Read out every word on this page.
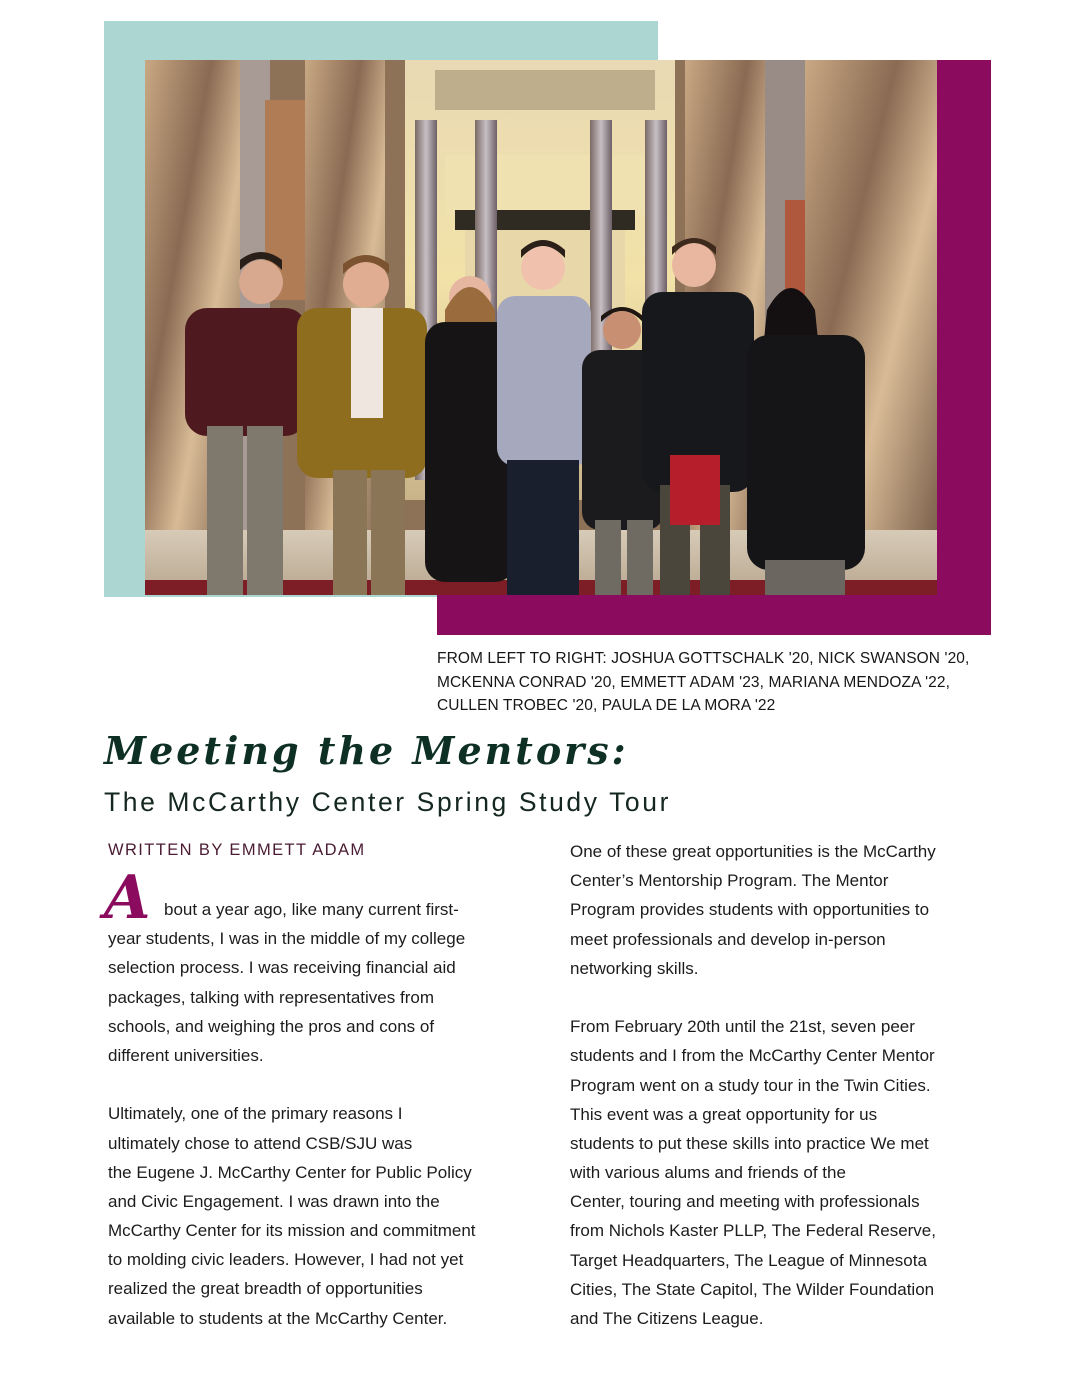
FROM LEFT TO RIGHT: JOSHUA GOTTSCHALK '20, NICK SWANSON '20,
MCKENNA CONRAD '20, EMMETT ADAM '23, MARIANA MENDOZA '22,
CULLEN TROBEC '20, PAULA DE LA MORA '22
Meeting the Mentors:
The McCarthy Center Spring Study Tour
WRITTEN BY EMMETT ADAM
A bout a year ago, like many current first-
year students, I was in the middle of my college
selection process. I was receiving financial aid
packages, talking with representatives from
schools, and weighing the pros and cons of
different universities.
Ultimately, one of the primary reasons I
ultimately chose to attend CSB/SJU was
the Eugene J. McCarthy Center for Public Policy
and Civic Engagement. I was drawn into the
McCarthy Center for its mission and commitment
to molding civic leaders. However, I had not yet
realized the great breadth of opportunities
available to students at the McCarthy Center.
One of these great opportunities is the McCarthy
Center’s Mentorship Program. The Mentor
Program provides students with opportunities to
meet professionals and develop in-person
networking skills.
From February 20th until the 21st, seven peer
students and I from the McCarthy Center Mentor
Program went on a study tour in the Twin Cities.
This event was a great opportunity for us
students to put these skills into practice We met
with various alums and friends of the
Center, touring and meeting with professionals
from Nichols Kaster PLLP, The Federal Reserve,
Target Headquarters, The League of Minnesota
Cities, The State Capitol, The Wilder Foundation
and The Citizens League.
